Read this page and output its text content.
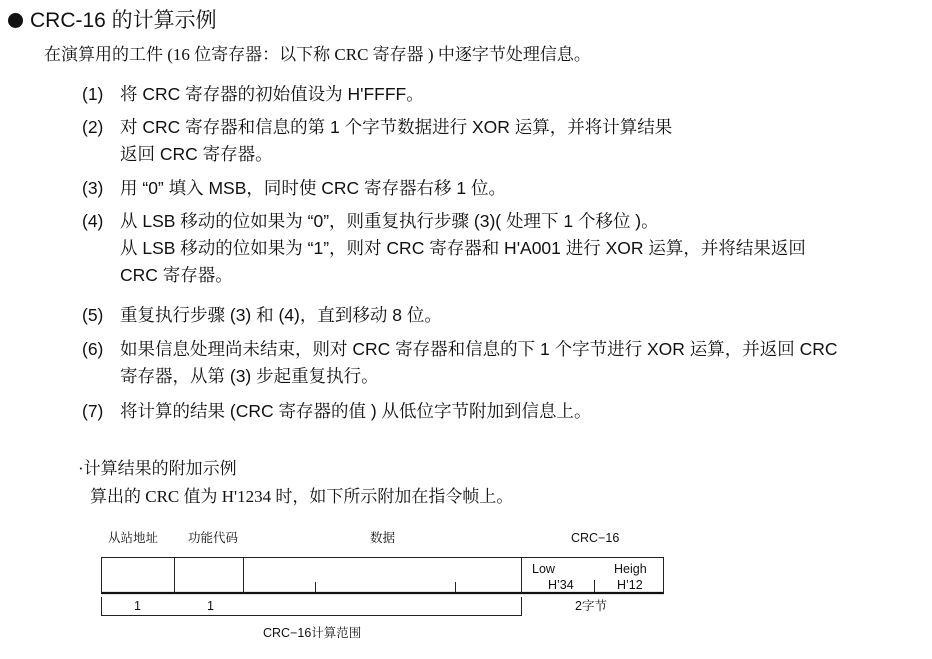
CRC-16 的计算示例
在演算用的工件 (16 位寄存器：以下称 CRC 寄存器 ) 中逐字节处理信息。
(1) 将 CRC 寄存器的初始值设为 H'FFFF。
(2) 对 CRC 寄存器和信息的第 1 个字节数据进行 XOR 运算，并将计算结果
返回 CRC 寄存器。
(3) 用 “0” 填入 MSB，同时使 CRC 寄存器右移 1 位。
(4) 从 LSB 移动的位如果为 “0”，则重复执行步骤 (3)( 处理下 1 个移位 )。
从 LSB 移动的位如果为 “1”，则对 CRC 寄存器和 H'A001 进行 XOR 运算，并将结果返回
CRC 寄存器。
(5) 重复执行步骤 (3) 和 (4)，直到移动 8 位。
(6) 如果信息处理尚未结束，则对 CRC 寄存器和信息的下 1 个字节进行 XOR 运算，并返回 CRC
寄存器，从第 (3) 步起重复执行。
(7) 将计算的结果 (CRC 寄存器的值 ) 从低位字节附加到信息上。
·计算结果的附加示例
算出的 CRC 值为 H'1234 时，如下所示附加在指令帧上。
从站地址 功能代码	数据	CRC−16
Low	Heigh
H’34	H’12
1	1	2字节
CRC−16计算范围
